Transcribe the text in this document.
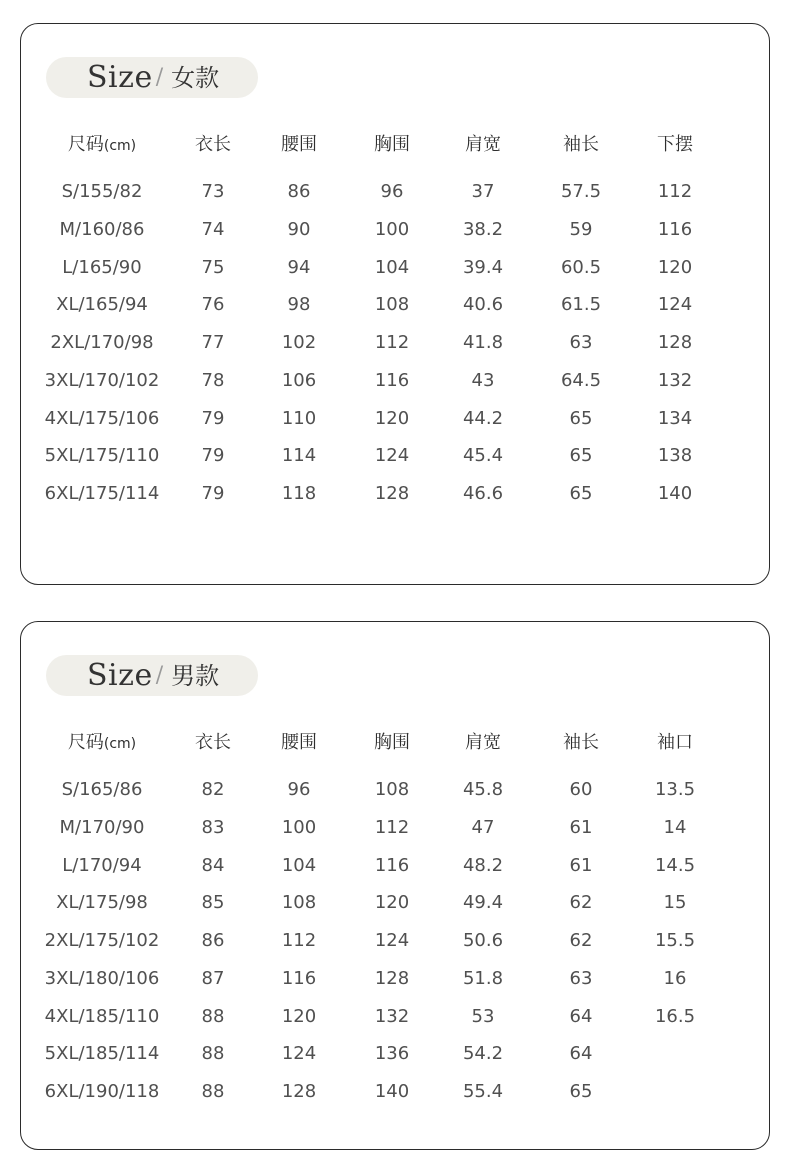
Size / 女款
尺码(cm)	衣长	腰围	胸围	肩宽	袖长	下摆
S/155/82	73	86	96	37	57.5	112
M/160/86	74	90	100	38.2	59	116
L/165/90	75	94	104	39.4	60.5	120
XL/165/94	76	98	108	40.6	61.5	124
2XL/170/98	77	102	112	41.8	63	128
3XL/170/102	78	106	116	43	64.5	132
4XL/175/106	79	110	120	44.2	65	134
5XL/175/110	79	114	124	45.4	65	138
6XL/175/114	79	118	128	46.6	65	140
Size / 男款
尺码(cm)	衣长	腰围	胸围	肩宽	袖长	袖口
S/165/86	82	96	108	45.8	60	13.5
M/170/90	83	100	112	47	61	14
L/170/94	84	104	116	48.2	61	14.5
XL/175/98	85	108	120	49.4	62	15
2XL/175/102	86	112	124	50.6	62	15.5
3XL/180/106	87	116	128	51.8	63	16
4XL/185/110	88	120	132	53	64	16.5
5XL/185/114	88	124	136	54.2	64
6XL/190/118	88	128	140	55.4	65
